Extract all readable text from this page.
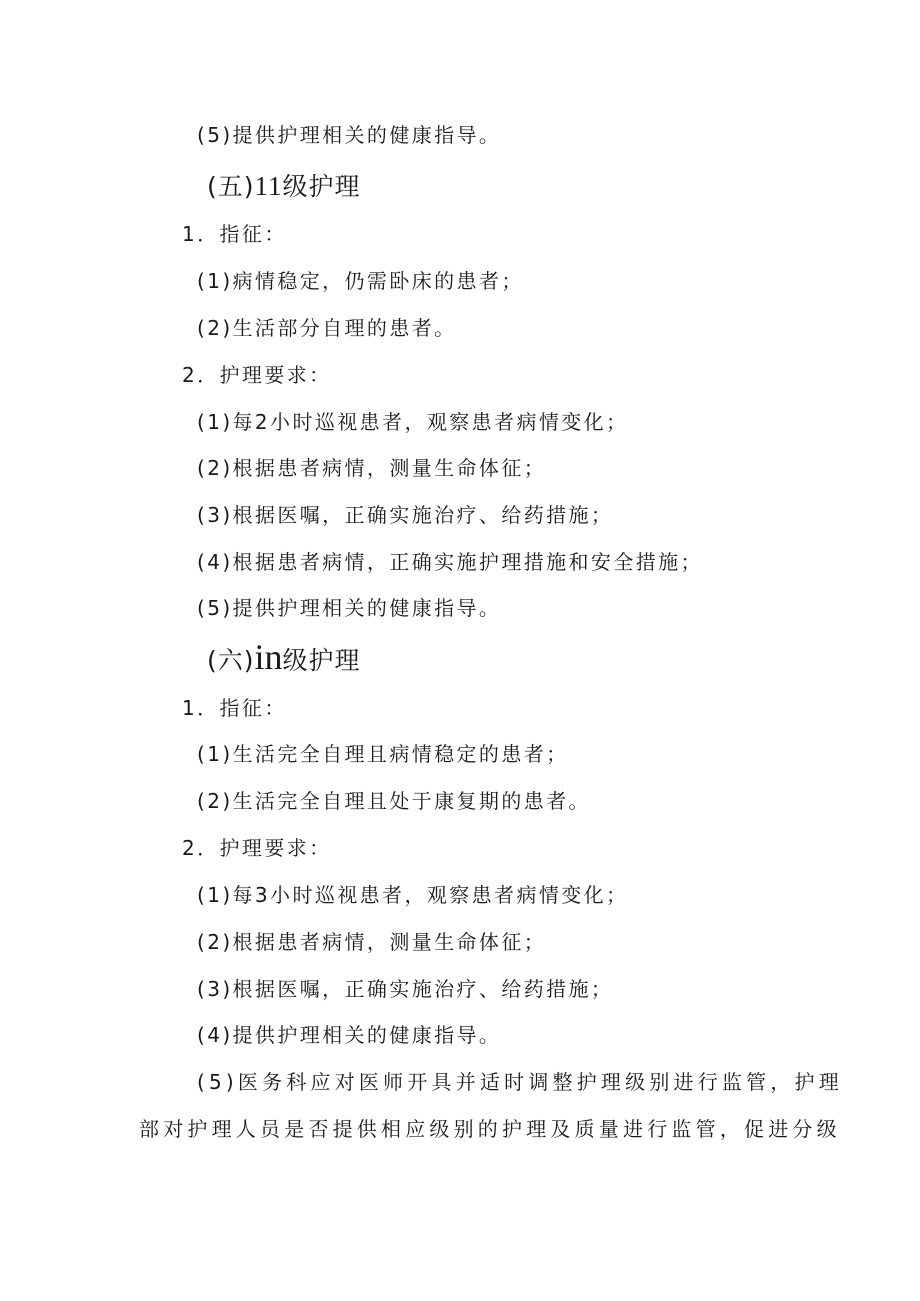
(5)提供护理相关的健康指导。
(五)11级护理
1．指征：
(1)病情稳定，仍需卧床的患者；
(2)生活部分自理的患者。
2．护理要求：
(1)每2小时巡视患者，观察患者病情变化；
(2)根据患者病情，测量生命体征；
(3)根据医嘱，正确实施治疗、给药措施；
(4)根据患者病情，正确实施护理措施和安全措施；
(5)提供护理相关的健康指导。
(六)in级护理
1．指征：
(1)生活完全自理且病情稳定的患者；
(2)生活完全自理且处于康复期的患者。
2．护理要求：
(1)每3小时巡视患者，观察患者病情变化；
(2)根据患者病情，测量生命体征；
(3)根据医嘱，正确实施治疗、给药措施；
(4)提供护理相关的健康指导。
(5)医务科应对医师开具并适时调整护理级别进行监管，护理
部对护理人员是否提供相应级别的护理及质量进行监管，促进分级
